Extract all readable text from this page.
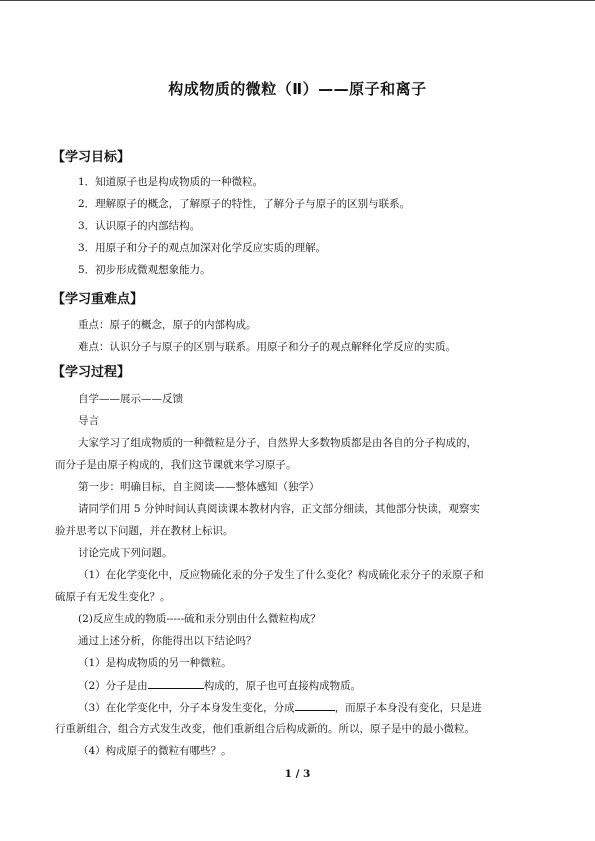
构成物质的微粒（Ⅱ）——原子和离子
【学习目标】
1．知道原子也是构成物质的一种微粒。
2．理解原子的概念，了解原子的特性，了解分子与原子的区别与联系。
3．认识原子的内部结构。
3．用原子和分子的观点加深对化学反应实质的理解。
5．初步形成微观想象能力。
【学习重难点】
重点：原子的概念，原子的内部构成。
难点：认识分子与原子的区别与联系。用原子和分子的观点解释化学反应的实质。
【学习过程】
自学——展示——反馈
导言
大家学习了组成物质的一种微粒是分子，自然界大多数物质都是由各自的分子构成的，
而分子是由原子构成的，我们这节课就来学习原子。
第一步：明确目标，自主阅读——整体感知（独学）
请同学们用 5 分钟时间认真阅读课本教材内容，正文部分细读，其他部分快读，观察实
验并思考以下问题，并在教材上标识。
讨论完成下列问题。
（1）在化学变化中，反应物硫化汞的分子发生了什么变化？构成硫化汞分子的汞原子和
硫原子有无发生变化？。
(2)反应生成的物质-----硫和汞分别由什么微粒构成？
通过上述分析，你能得出以下结论吗？
（1）是构成物质的另一种微粒。
（2）分子是由	构成的，原子也可直接构成物质。
（3）在化学变化中，分子本身发生变化，分成	，而原子本身没有变化，只是进
行重新组合，组合方式发生改变，他们重新组合后构成新的。所以，原子是中的最小微粒。
（4）构成原子的微粒有哪些？。
1 / 3
